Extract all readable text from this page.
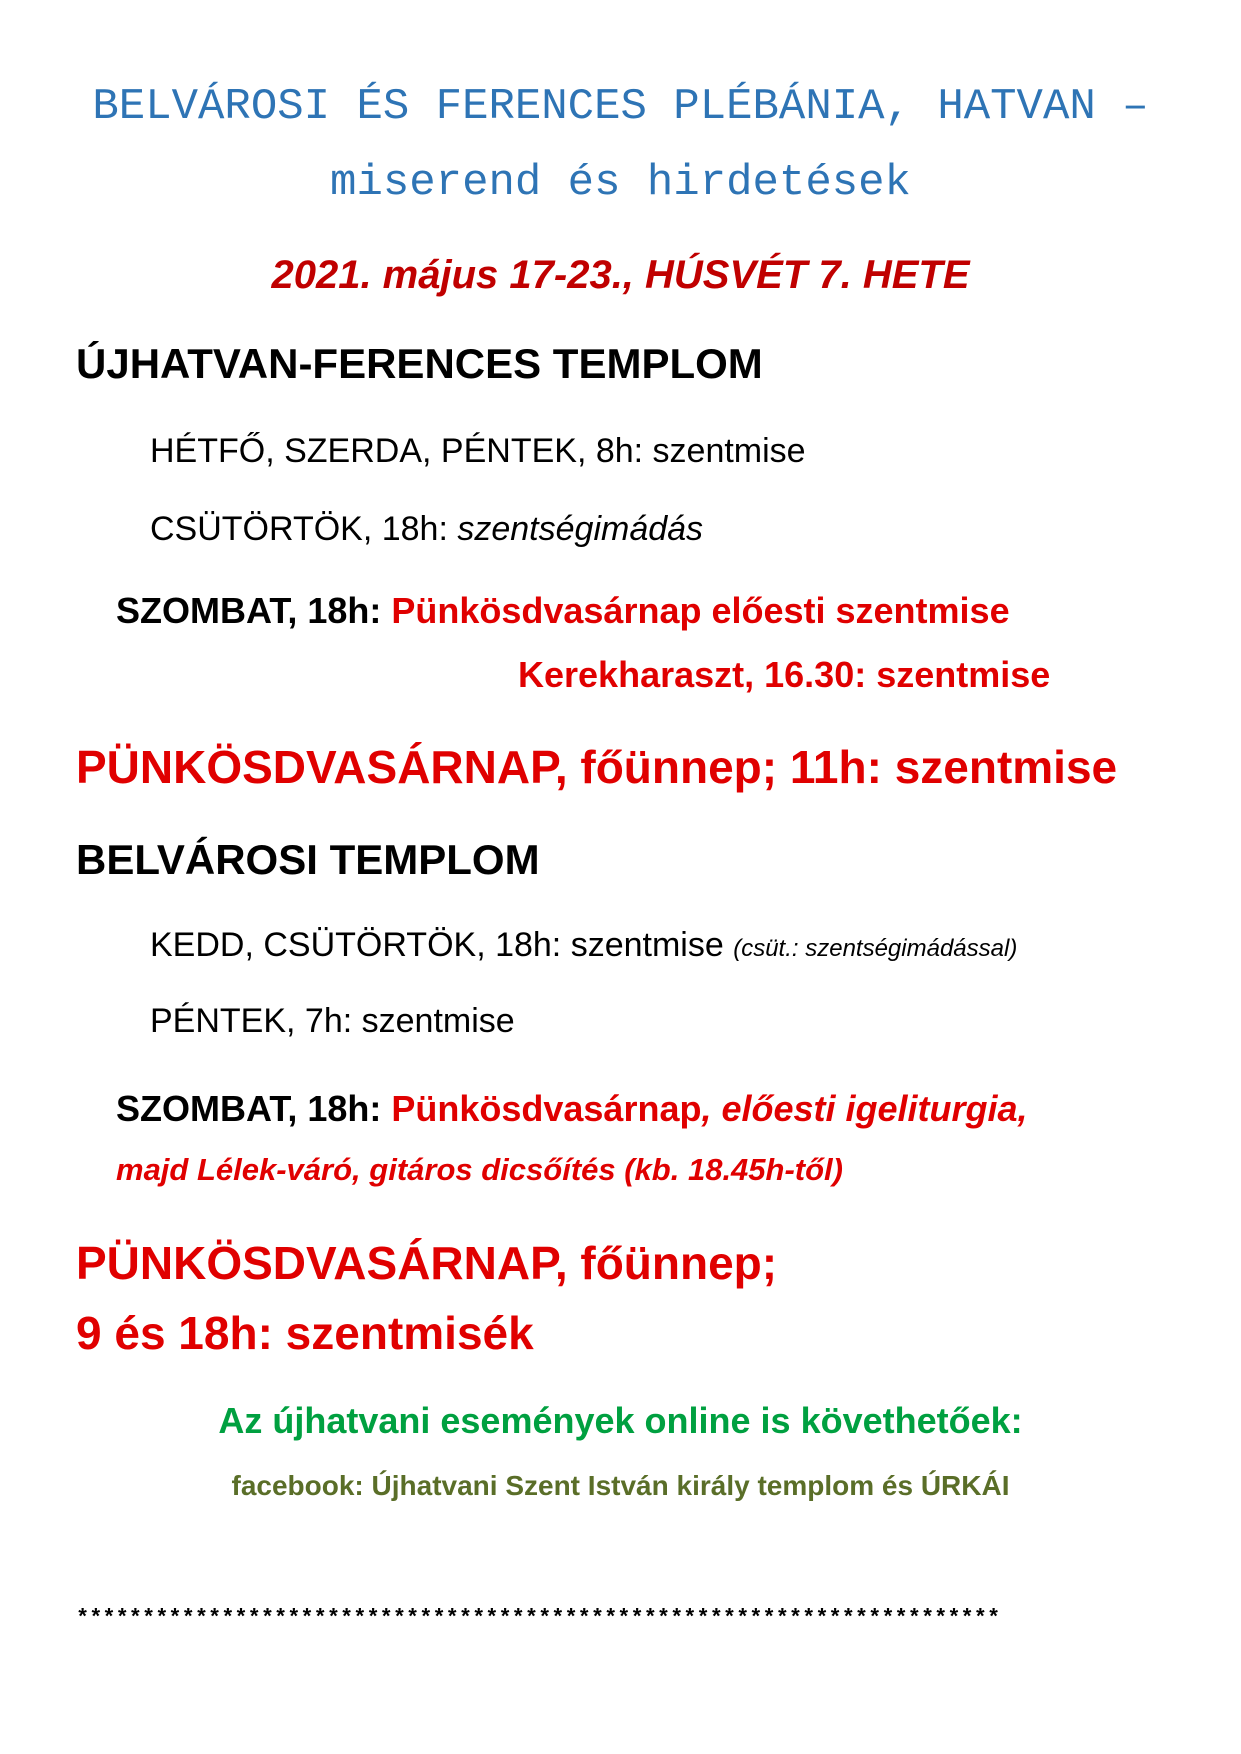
BELVÁROSI ÉS FERENCES PLÉBÁNIA, HATVAN –
miserend és hirdetések
2021. május 17-23., HÚSVÉT 7. HETE
ÚJHATVAN-FERENCES TEMPLOM
HÉTFŐ, SZERDA, PÉNTEK, 8h: szentmise
CSÜTÖRTÖK, 18h: szentségimádás
SZOMBAT, 18h: Pünkösdvasárnap előesti szentmise
Kerekharaszt, 16.30: szentmise
PÜNKÖSDVASÁRNAP, főünnep; 11h: szentmise
BELVÁROSI TEMPLOM
KEDD, CSÜTÖRTÖK, 18h: szentmise (csüt.: szentségimádással)
PÉNTEK, 7h: szentmise
SZOMBAT, 18h: Pünkösdvasárnap, előesti igeliturgia,
majd Lélek-váró, gitáros dicsőítés (kb. 18.45h-től)
PÜNKÖSDVASÁRNAP, főünnep;
9 és 18h: szentmisék
Az újhatvani események online is követhetőek:
facebook: Újhatvani Szent István király templom és ÚRKÁI
**********************************************************************
